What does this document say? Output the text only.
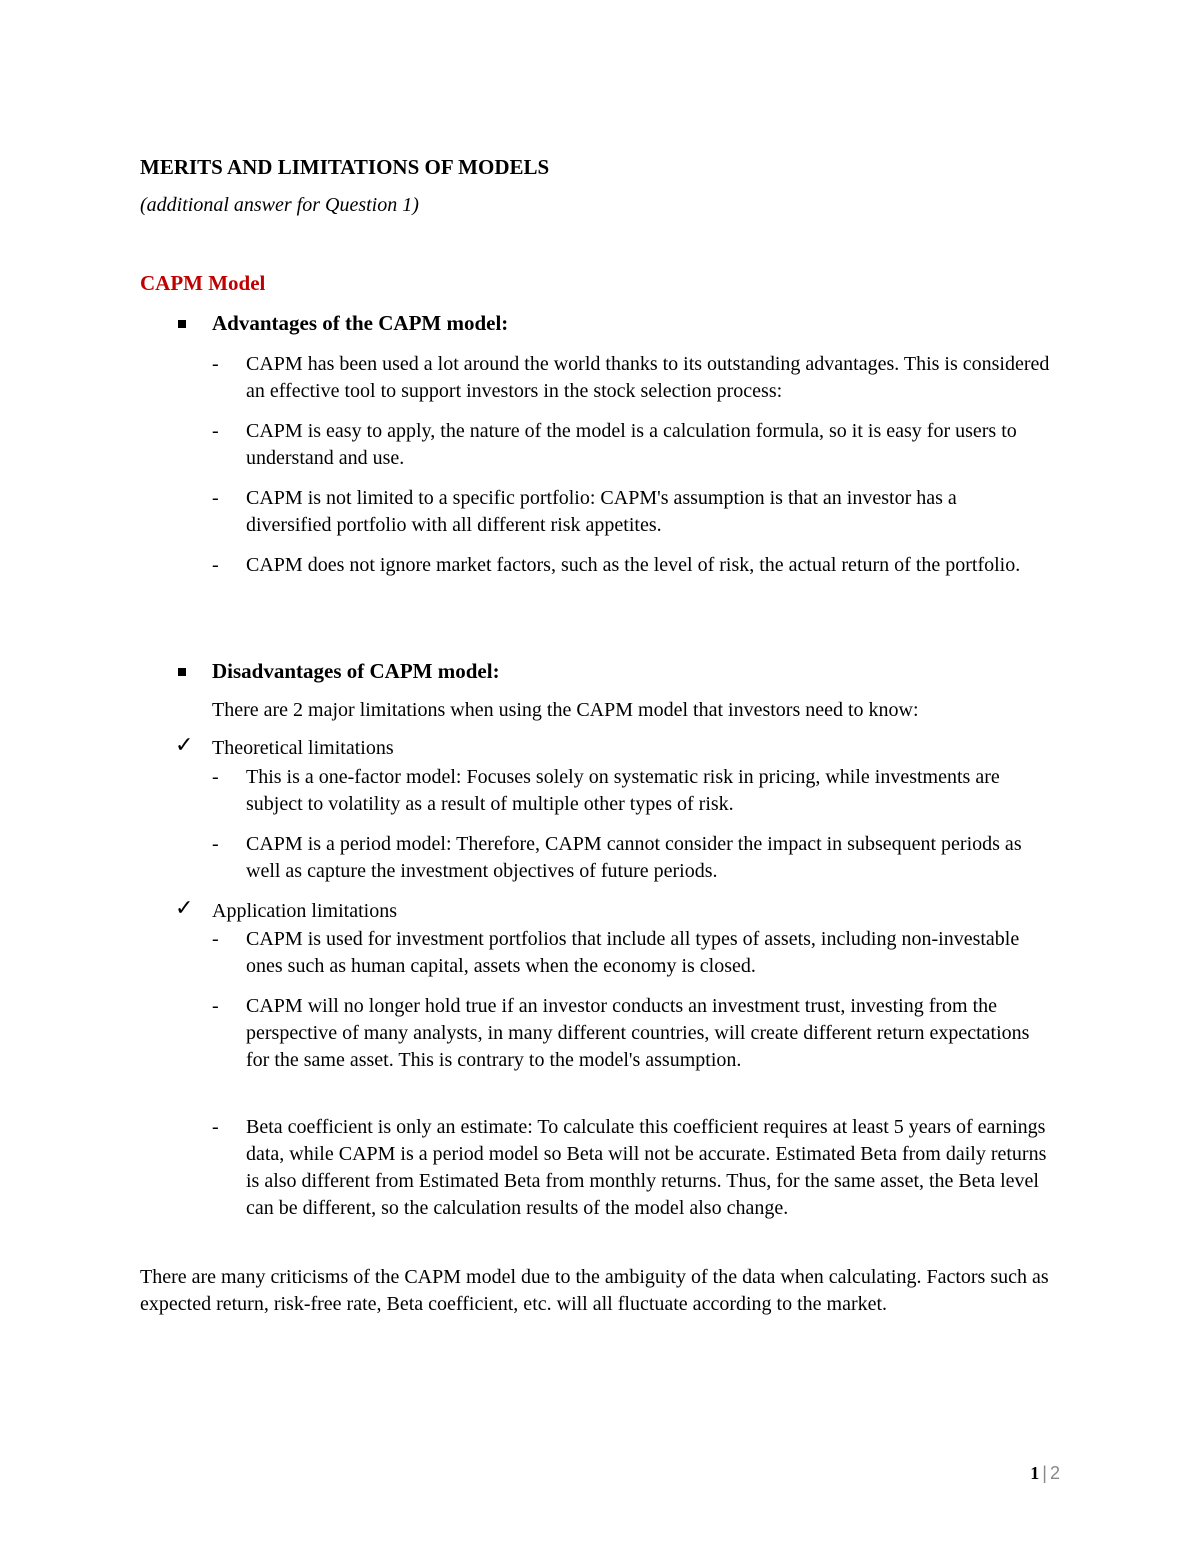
MERITS AND LIMITATIONS OF MODELS
(additional answer for Question 1)
CAPM Model
Advantages of the CAPM model:
- CAPM has been used a lot around the world thanks to its outstanding advantages. This is considered an effective tool to support investors in the stock selection process:
- CAPM is easy to apply, the nature of the model is a calculation formula, so it is easy for users to understand and use.
- CAPM is not limited to a specific portfolio: CAPM's assumption is that an investor has a diversified portfolio with all different risk appetites.
- CAPM does not ignore market factors, such as the level of risk, the actual return of the portfolio.
Disadvantages of CAPM model:
There are 2 major limitations when using the CAPM model that investors need to know:
✓ Theoretical limitations
- This is a one-factor model: Focuses solely on systematic risk in pricing, while investments are subject to volatility as a result of multiple other types of risk.
- CAPM is a period model: Therefore, CAPM cannot consider the impact in subsequent periods as well as capture the investment objectives of future periods.
✓ Application limitations
- CAPM is used for investment portfolios that include all types of assets, including non-investable ones such as human capital, assets when the economy is closed.
- CAPM will no longer hold true if an investor conducts an investment trust, investing from the perspective of many analysts, in many different countries, will create different return expectations for the same asset. This is contrary to the model's assumption.
- Beta coefficient is only an estimate: To calculate this coefficient requires at least 5 years of earnings data, while CAPM is a period model so Beta will not be accurate. Estimated Beta from daily returns is also different from Estimated Beta from monthly returns. Thus, for the same asset, the Beta level can be different, so the calculation results of the model also change.
There are many criticisms of the CAPM model due to the ambiguity of the data when calculating. Factors such as expected return, risk-free rate, Beta coefficient, etc. will all fluctuate according to the market.
1 | 2
